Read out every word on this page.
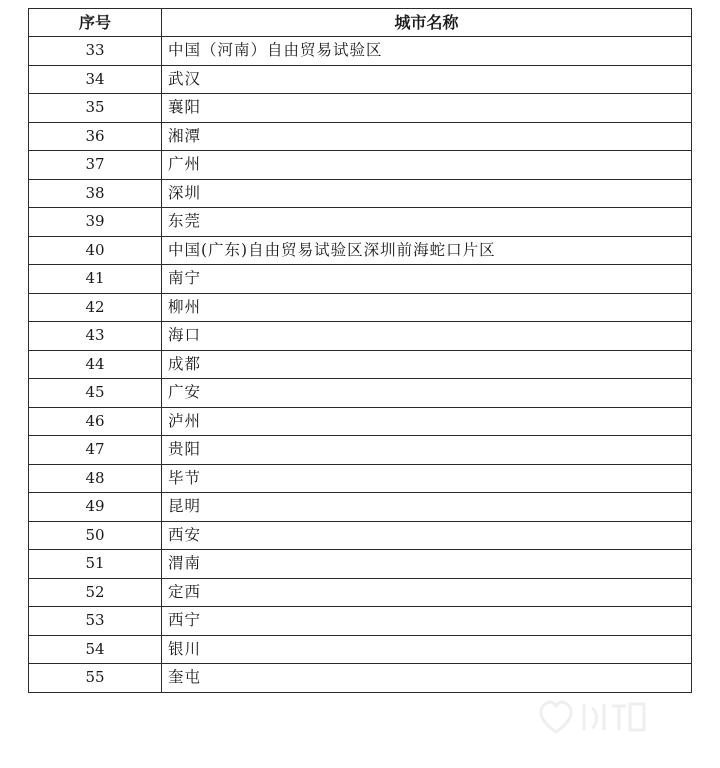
序号	城市名称
33	中国（河南）自由贸易试验区
34	武汉
35	襄阳
36	湘潭
37	广州
38	深圳
39	东莞
40	中国(广东)自由贸易试验区深圳前海蛇口片区
41	南宁
42	柳州
43	海口
44	成都
45	广安
46	泸州
47	贵阳
48	毕节
49	昆明
50	西安
51	渭南
52	定西
53	西宁
54	银川
55	奎屯
